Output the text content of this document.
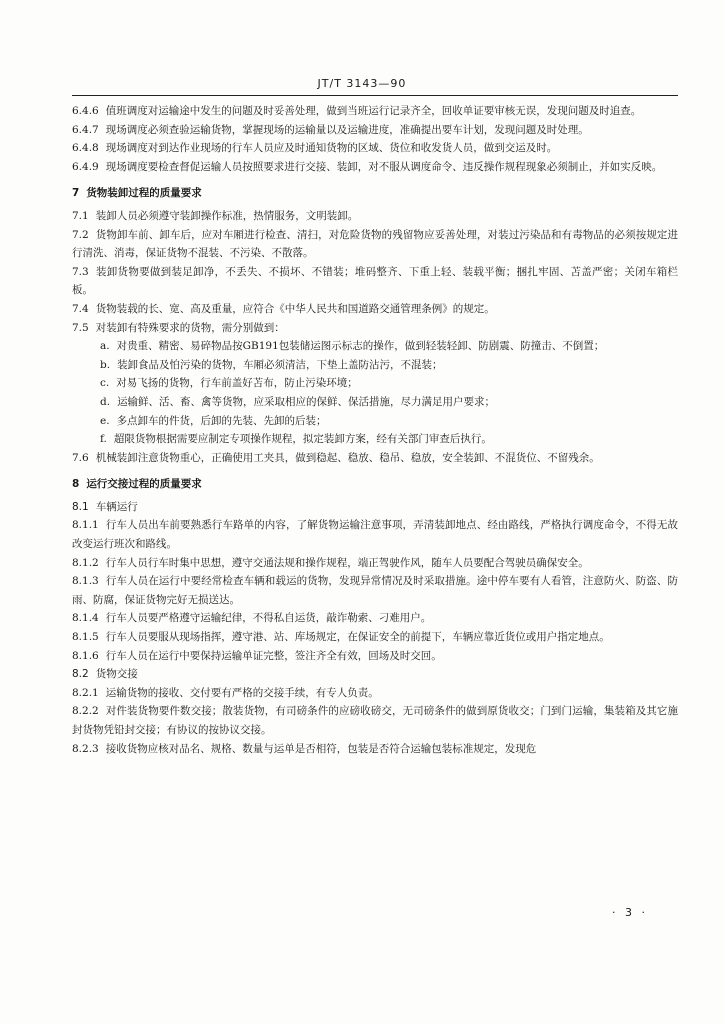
JT/T 3143—90

6.4.6 值班调度对运输途中发生的问题及时妥善处理，做到当班运行记录齐全，回收单证要审核无误，发现问题及时追查。

6.4.7 现场调度必须查验运输货物，掌握现场的运输量以及运输进度，准确提出要车计划，发现问题及时处理。

6.4.8 现场调度对到达作业现场的行车人员应及时通知货物的区域、货位和收发货人员，做到交运及时。

6.4.9 现场调度要检查督促运输人员按照要求进行交接、装卸，对不服从调度命令、违反操作规程现象必须制止，并如实反映。

7 货物装卸过程的质量要求

7.1 装卸人员必须遵守装卸操作标准，热情服务，文明装卸。

7.2 货物卸车前、卸车后，应对车厢进行检查、清扫，对危险货物的残留物应妥善处理，对装过污染品和有毒物品的必须按规定进行清洗、消毒，保证货物不混装、不污染、不散落。

7.3 装卸货物要做到装足卸净，不丢失、不损坏、不错装；堆码整齐、下重上轻、装载平衡；捆扎牢固、苫盖严密；关闭车箱栏板。

7.4 货物装载的长、宽、高及重量，应符合《中华人民共和国道路交通管理条例》的规定。

7.5 对装卸有特殊要求的货物，需分别做到：

a. 对贵重、精密、易碎物品按GB191包装储运图示标志的操作，做到轻装轻卸、防剧震、防撞击、不倒置；

b. 装卸食品及怕污染的货物，车厢必须清洁，下垫上盖防沾污，不混装；

c. 对易飞扬的货物，行车前盖好苫布，防止污染环境；

d. 运输鲜、活、畜、禽等货物，应采取相应的保鲜、保活措施，尽力满足用户要求；

e. 多点卸车的件货，后卸的先装、先卸的后装；

f. 超限货物根据需要应制定专项操作规程，拟定装卸方案，经有关部门审查后执行。

7.6 机械装卸注意货物重心，正确使用工夹具，做到稳起、稳放、稳吊、稳放，安全装卸、不混货位、不留残余。

8 运行交接过程的质量要求

8.1 车辆运行

8.1.1 行车人员出车前要熟悉行车路单的内容，了解货物运输注意事项，弄清装卸地点、经由路线，严格执行调度命令，不得无故改变运行班次和路线。

8.1.2 行车人员行车时集中思想，遵守交通法规和操作规程，端正驾驶作风，随车人员要配合驾驶员确保安全。

8.1.3 行车人员在运行中要经常检查车辆和载运的货物，发现异常情况及时采取措施。途中停车要有人看管，注意防火、防盗、防雨、防腐，保证货物完好无损送达。

8.1.4 行车人员要严格遵守运输纪律，不得私自运货，敲诈勒索、刁难用户。

8.1.5 行车人员要服从现场指挥，遵守港、站、库场规定，在保证安全的前提下，车辆应靠近货位或用户指定地点。

8.1.6 行车人员在运行中要保持运输单证完整，签注齐全有效，回场及时交回。

8.2 货物交接

8.2.1 运输货物的接收、交付要有严格的交接手续，有专人负责。

8.2.2 对件装货物要件数交接；散装货物，有司磅条件的应磅收磅交，无司磅条件的做到原货收交；门到门运输，集装箱及其它施封货物凭铅封交接；有协议的按协议交接。

8.2.3 接收货物应核对品名、规格、数量与运单是否相符，包装是否符合运输包装标准规定，发现危

· 3 ·
